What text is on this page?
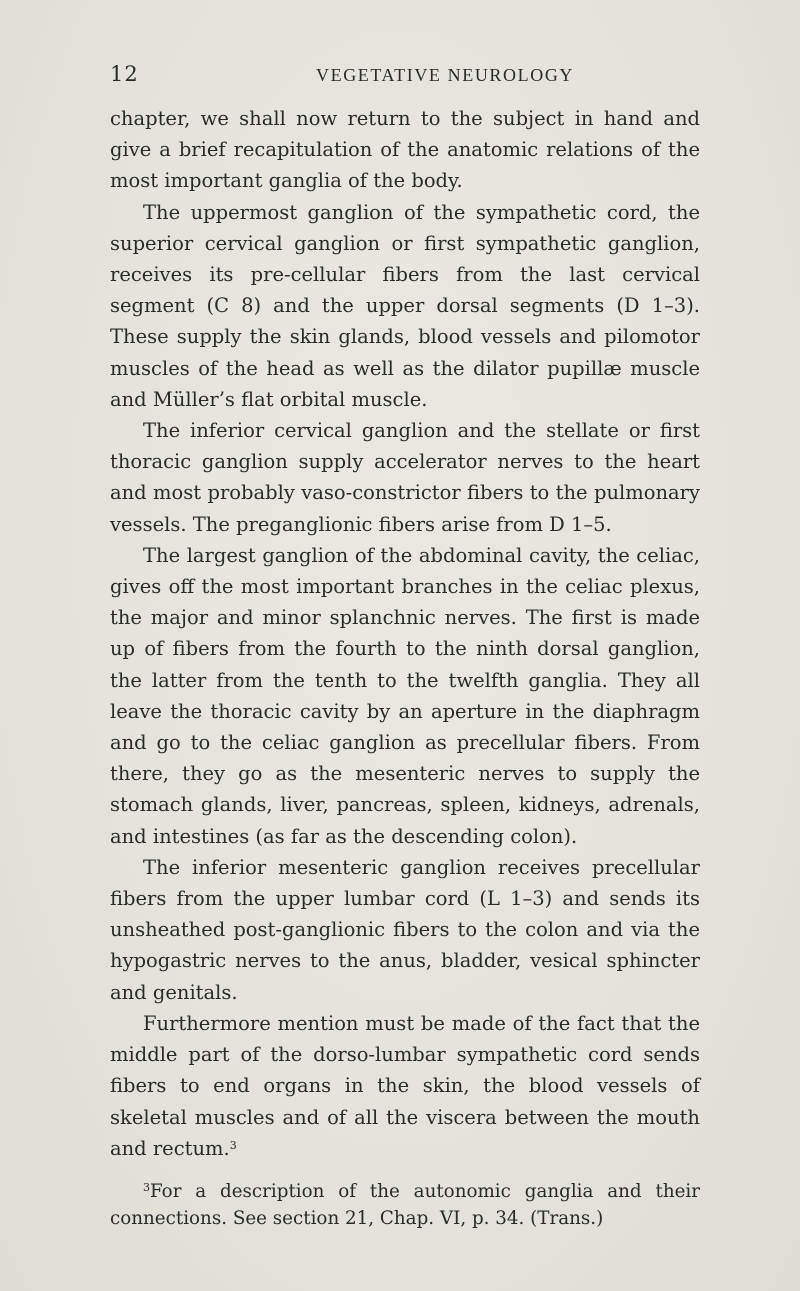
12	VEGETATIVE NEUROLOGY

chapter, we shall now return to the subject in hand and give a brief recapitulation of the anatomic relations of the most important ganglia of the body.

The uppermost ganglion of the sympathetic cord, the superior cervical ganglion or first sympathetic ganglion, receives its pre-cellular fibers from the last cervical segment (C 8) and the upper dorsal segments (D 1–3). These supply the skin glands, blood vessels and pilomotor muscles of the head as well as the dilator pupillæ muscle and Müller’s flat orbital muscle.

The inferior cervical ganglion and the stellate or first thoracic ganglion supply accelerator nerves to the heart and most probably vaso-constrictor fibers to the pulmonary vessels. The preganglionic fibers arise from D 1–5.

The largest ganglion of the abdominal cavity, the celiac, gives off the most important branches in the celiac plexus, the major and minor splanchnic nerves. The first is made up of fibers from the fourth to the ninth dorsal ganglion, the latter from the tenth to the twelfth ganglia. They all leave the thoracic cavity by an aperture in the diaphragm and go to the celiac ganglion as precellular fibers. From there, they go as the mesenteric nerves to supply the stomach glands, liver, pancreas, spleen, kidneys, adrenals, and intestines (as far as the descending colon).

The inferior mesenteric ganglion receives precellular fibers from the upper lumbar cord (L 1–3) and sends its unsheathed post-ganglionic fibers to the colon and via the hypogastric nerves to the anus, bladder, vesical sphincter and genitals.

Furthermore mention must be made of the fact that the middle part of the dorso-lumbar sympathetic cord sends fibers to end organs in the skin, the blood vessels of skeletal muscles and of all the viscera between the mouth and rectum.$^3$

$^3$For a description of the autonomic ganglia and their connections. See section 21, Chap. VI, p. 34. (Trans.)
